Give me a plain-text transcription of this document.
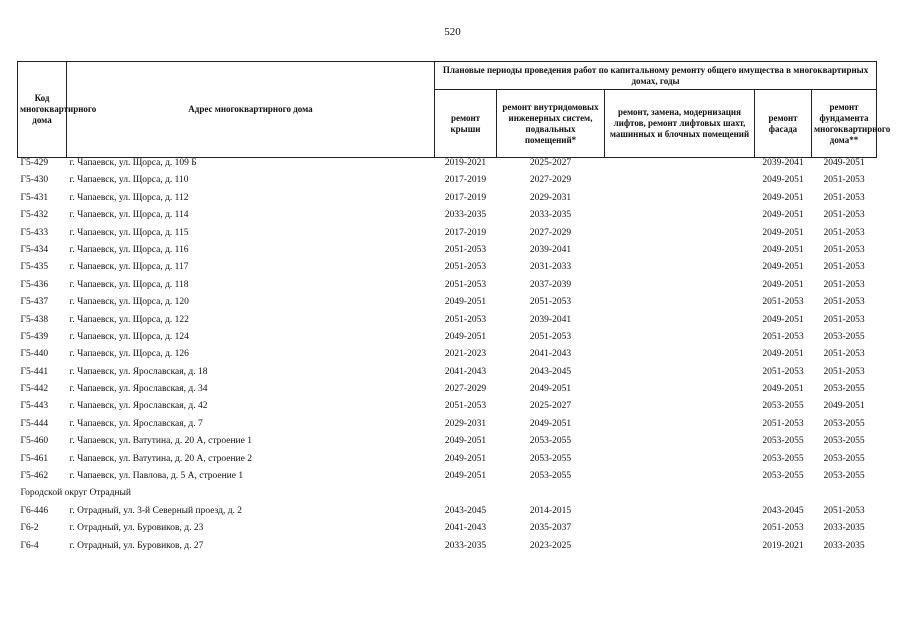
520
Код многоквартирного дома	Адрес многоквартирного дома	Плановые периоды проведения работ по капитальному ремонту общего имущества в многоквартирных домах, годы				
		ремонт крыши	ремонт внутридомовых инженерных систем, подвальных помещений*	ремонт, замена, модернизация лифтов, ремонт лифтовых шахт, машинных и блочных помещений	ремонт фасада	ремонт фундамента многоквартирного дома**
Г5-429	г. Чапаевск, ул. Щорса, д. 109 Б	2019-2021	2025-2027		2039-2041	2049-2051
Г5-430	г. Чапаевск, ул. Щорса, д. 110	2017-2019	2027-2029		2049-2051	2051-2053
Г5-431	г. Чапаевск, ул. Щорса, д. 112	2017-2019	2029-2031		2049-2051	2051-2053
Г5-432	г. Чапаевск, ул. Щорса, д. 114	2033-2035	2033-2035		2049-2051	2051-2053
Г5-433	г. Чапаевск, ул. Щорса, д. 115	2017-2019	2027-2029		2049-2051	2051-2053
Г5-434	г. Чапаевск, ул. Щорса, д. 116	2051-2053	2039-2041		2049-2051	2051-2053
Г5-435	г. Чапаевск, ул. Щорса, д. 117	2051-2053	2031-2033		2049-2051	2051-2053
Г5-436	г. Чапаевск, ул. Щорса, д. 118	2051-2053	2037-2039		2049-2051	2051-2053
Г5-437	г. Чапаевск, ул. Щорса, д. 120	2049-2051	2051-2053		2051-2053	2051-2053
Г5-438	г. Чапаевск, ул. Щорса, д. 122	2051-2053	2039-2041		2049-2051	2051-2053
Г5-439	г. Чапаевск, ул. Щорса, д. 124	2049-2051	2051-2053		2051-2053	2053-2055
Г5-440	г. Чапаевск, ул. Щорса, д. 126	2021-2023	2041-2043		2049-2051	2051-2053
Г5-441	г. Чапаевск, ул. Ярославская, д. 18	2041-2043	2043-2045		2051-2053	2051-2053
Г5-442	г. Чапаевск, ул. Ярославская, д. 34	2027-2029	2049-2051		2049-2051	2053-2055
Г5-443	г. Чапаевск, ул. Ярославская, д. 42	2051-2053	2025-2027		2053-2055	2049-2051
Г5-444	г. Чапаевск, ул. Ярославская, д. 7	2029-2031	2049-2051		2051-2053	2053-2055
Г5-460	г. Чапаевск, ул. Ватутина, д. 20 А, строение 1	2049-2051	2053-2055		2053-2055	2053-2055
Г5-461	г. Чапаевск, ул. Ватутина, д. 20 А, строение 2	2049-2051	2053-2055		2053-2055	2053-2055
Г5-462	г. Чапаевск, ул. Павлова, д. 5 А, строение 1	2049-2051	2053-2055		2053-2055	2053-2055
Городской округ Отрадный						
Г6-446	г. Отрадный, ул. 3-й Северный проезд, д. 2	2043-2045	2014-2015		2043-2045	2051-2053
Г6-2	г. Отрадный, ул. Буровиков, д. 23	2041-2043	2035-2037		2051-2053	2033-2035
Г6-4	г. Отрадный, ул. Буровиков, д. 27	2033-2035	2023-2025		2019-2021	2033-2035
